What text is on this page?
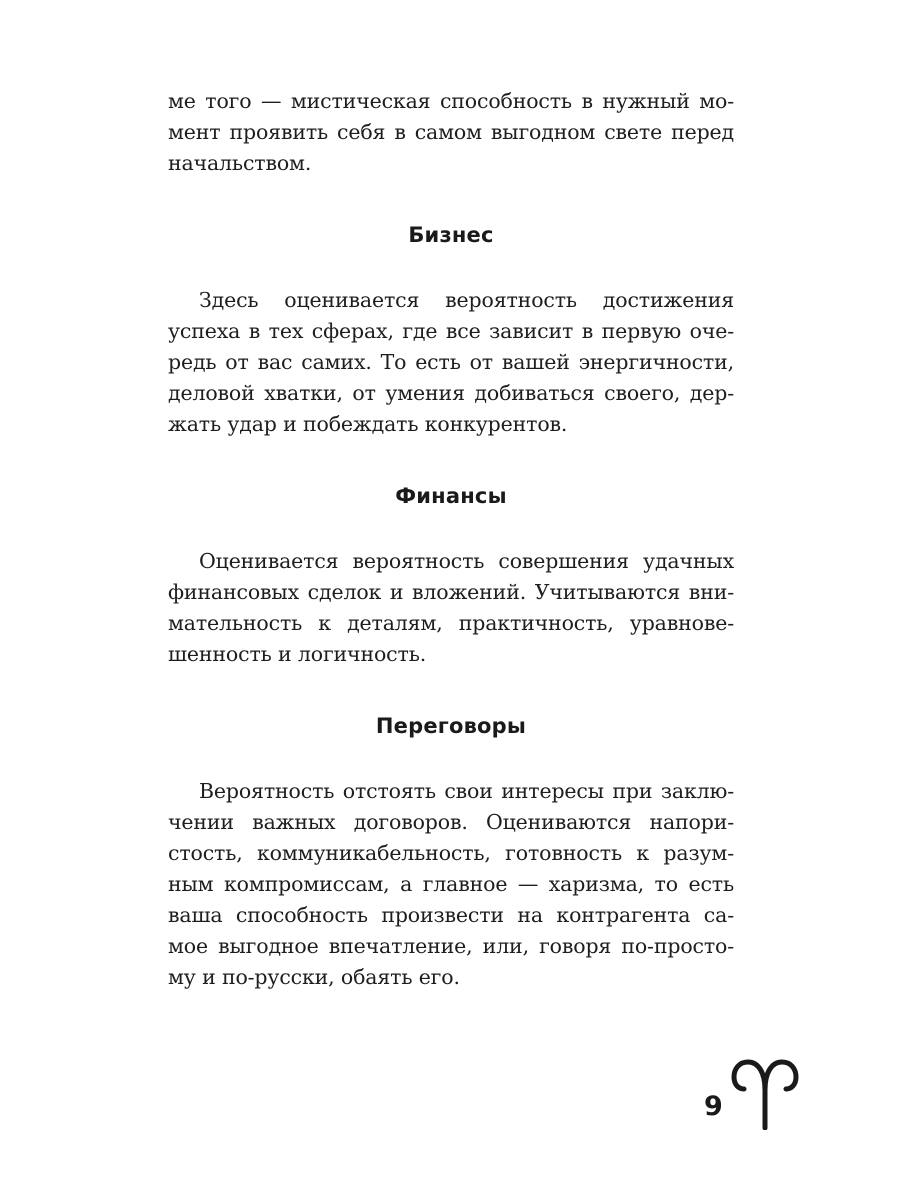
ме того — мистическая способность в нужный мо-
мент проявить себя в самом выгодном свете перед
начальством.
Бизнес
Здесь оценивается вероятность достижения
успеха в тех сферах, где все зависит в первую оче-
редь от вас самих. То есть от вашей энергичности,
деловой хватки, от умения добиваться своего, дер-
жать удар и побеждать конкурентов.
Финансы
Оценивается вероятность совершения удачных
финансовых сделок и вложений. Учитываются вни-
мательность к деталям, практичность, уравнове-
шенность и логичность.
Переговоры
Вероятность отстоять свои интересы при заклю-
чении важных договоров. Оцениваются напори-
стость, коммуникабельность, готовность к разум-
ным компромиссам, а главное — харизма, то есть
ваша способность произвести на контрагента са-
мое выгодное впечатление, или, говоря по-просто-
му и по-русски, обаять его.
9
